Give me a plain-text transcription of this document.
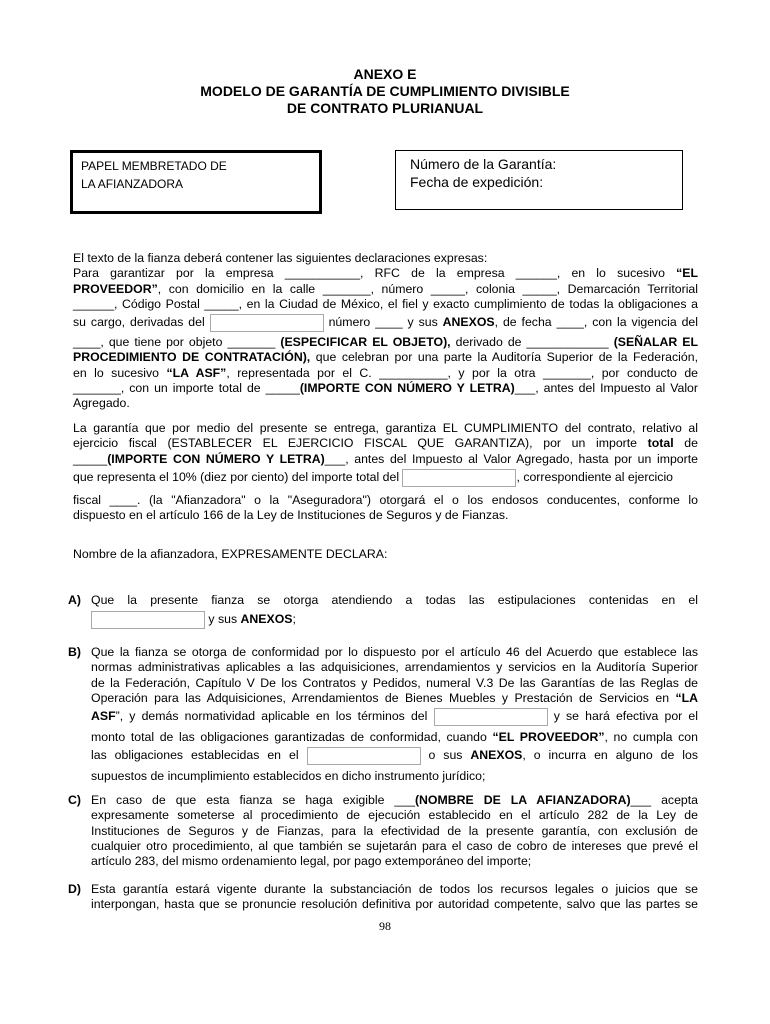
ANEXO E
MODELO DE GARANTÍA DE CUMPLIMIENTO DIVISIBLE
DE CONTRATO PLURIANUAL
PAPEL MEMBRETADO DE
LA AFIANZADORA
Número de la Garantía:
Fecha de expedición:
El texto de la fianza deberá contener las siguientes declaraciones expresas:
Para garantizar por la empresa ___________, RFC de la empresa ______, en lo sucesivo “EL
PROVEEDOR”, con domicilio en la calle _______, número _____, colonia _____, Demarcación Territorial
______, Código Postal _____, en la Ciudad de México, el fiel y exacto cumplimiento de todas la obligaciones a
su cargo, derivadas del	número ____ y sus ANEXOS, de fecha ____, con la vigencia del
____, que tiene por objeto _______ (ESPECIFICAR EL OBJETO), derivado de ____________ (SEÑALAR EL
PROCEDIMIENTO DE CONTRATACIÓN), que celebran por una parte la Auditoría Superior de la Federación,
en lo sucesivo “LA ASF”, representada por el C. __________, y por la otra _______, por conducto de
_______, con un importe total de _____(IMPORTE CON NÚMERO Y LETRA)___, antes del Impuesto al Valor
Agregado.
La garantía que por medio del presente se entrega, garantiza EL CUMPLIMIENTO del contrato, relativo al
ejercicio fiscal (ESTABLECER EL EJERCICIO FISCAL QUE GARANTIZA), por un importe total de
_____(IMPORTE CON NÚMERO Y LETRA)___, antes del Impuesto al Valor Agregado, hasta por un importe
que representa el 10% (diez por ciento) del importe total del	, correspondiente al ejercicio
fiscal ____. (la "Afianzadora" o la "Aseguradora") otorgará el o los endosos conducentes, conforme lo
dispuesto en el artículo 166 de la Ley de Instituciones de Seguros y de Fianzas.
Nombre de la afianzadora, EXPRESAMENTE DECLARA:
A) Que la presente fianza se otorga atendiendo a todas las estipulaciones contenidas en el
y sus ANEXOS;
B) Que la fianza se otorga de conformidad por lo dispuesto por el artículo 46 del Acuerdo que establece las
normas administrativas aplicables a las adquisiciones, arrendamientos y servicios en la Auditoría Superior
de la Federación, Capítulo V De los Contratos y Pedidos, numeral V.3 De las Garantías de las Reglas de
Operación para las Adquisiciones, Arrendamientos de Bienes Muebles y Prestación de Servicios en “LA
ASF”, y demás normatividad aplicable en los términos del	y se hará efectiva por el
monto total de las obligaciones garantizadas de conformidad, cuando “EL PROVEEDOR”, no cumpla con
las obligaciones establecidas en el	o sus ANEXOS, o incurra en alguno de los
supuestos de incumplimiento establecidos en dicho instrumento jurídico;
C) En caso de que esta fianza se haga exigible ___(NOMBRE DE LA AFIANZADORA)___ acepta
expresamente someterse al procedimiento de ejecución establecido en el artículo 282 de la Ley de
Instituciones de Seguros y de Fianzas, para la efectividad de la presente garantía, con exclusión de
cualquier otro procedimiento, al que también se sujetarán para el caso de cobro de intereses que prevé el
artículo 283, del mismo ordenamiento legal, por pago extemporáneo del importe;
D) Esta garantía estará vigente durante la substanciación de todos los recursos legales o juicios que se
interpongan, hasta que se pronuncie resolución definitiva por autoridad competente, salvo que las partes se
98
